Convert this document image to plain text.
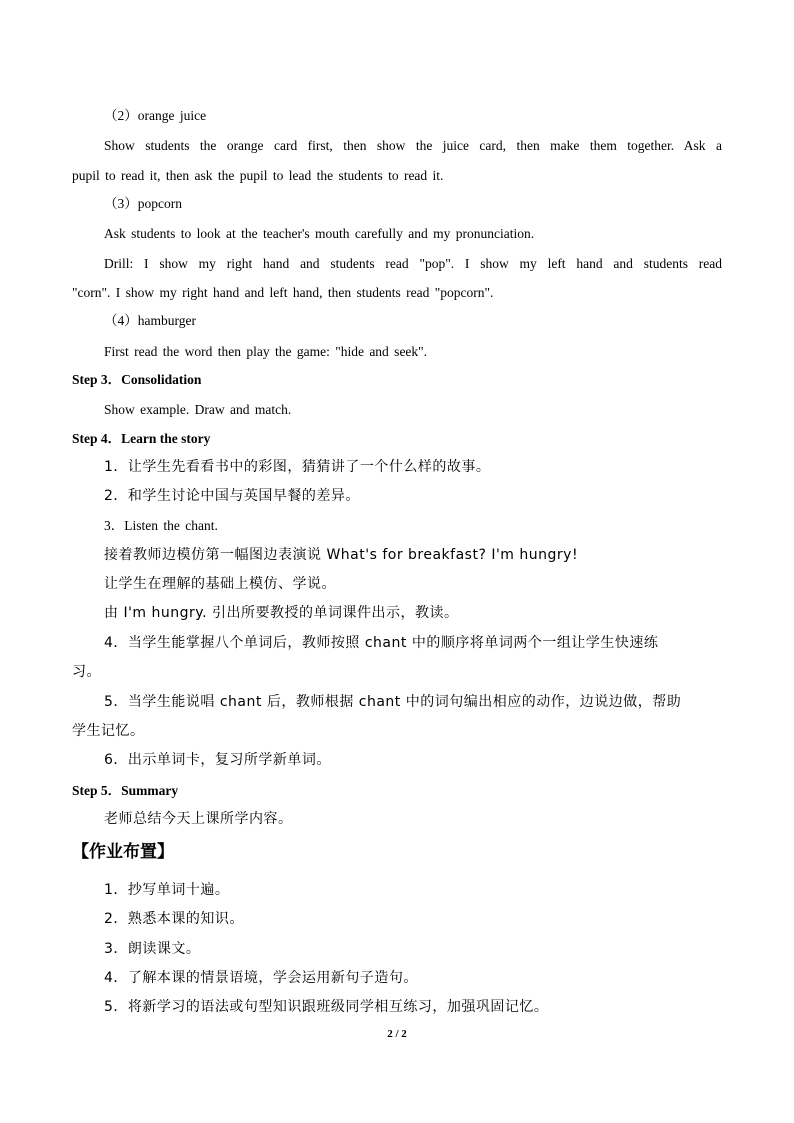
（2）orange juice
Show students the orange card first, then show the juice card, then make them together. Ask a
pupil to read it, then ask the pupil to lead the students to read it.
（3）popcorn
Ask students to look at the teacher's mouth carefully and my pronunciation.
Drill: I show my right hand and students read "pop". I show my left hand and students read
"corn". I show my right hand and left hand, then students read "popcorn".
（4）hamburger
First read the word then play the game: "hide and seek".
Step 3．Consolidation
Show example. Draw and match.
Step 4．Learn the story
1．让学生先看看书中的彩图，猜猜讲了一个什么样的故事。
2．和学生讨论中国与英国早餐的差异。
3．Listen the chant.
接着教师边模仿第一幅图边表演说 What's for breakfast? I'm hungry!
让学生在理解的基础上模仿、学说。
由 I'm hungry. 引出所要教授的单词课件出示，教读。
4．当学生能掌握八个单词后，教师按照 chant 中的顺序将单词两个一组让学生快速练
习。
5．当学生能说唱 chant 后，教师根据 chant 中的词句编出相应的动作，边说边做，帮助
学生记忆。
6．出示单词卡，复习所学新单词。
Step 5．Summary
老师总结今天上课所学内容。
【作业布置】
1．抄写单词十遍。
2．熟悉本课的知识。
3．朗读课文。
4．了解本课的情景语境，学会运用新句子造句。
5．将新学习的语法或句型知识跟班级同学相互练习，加强巩固记忆。
2 / 2
